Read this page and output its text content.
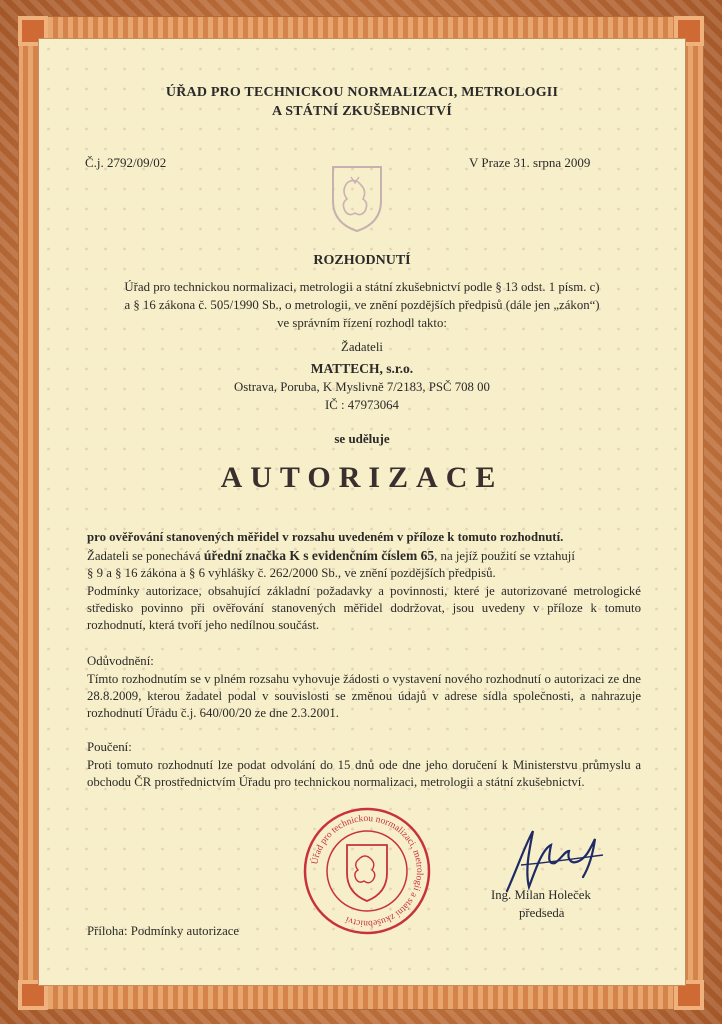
ÚŘAD PRO TECHNICKOU NORMALIZACI, METROLOGII
A STÁTNÍ ZKUŠEBNICTVÍ
Č.j. 2792/09/02	V Praze 31. srpna 2009
ROZHODNUTÍ
Úřad pro technickou normalizaci, metrologii a státní zkušebnictví podle § 13 odst. 1 písm. c)
a § 16 zákona č. 505/1990 Sb., o metrologii, ve znění pozdějších předpisů (dále jen „zákon“)
ve správním řízení rozhodl takto:
Žadateli
MATTECH, s.r.o.
Ostrava, Poruba, K Myslivně 7/2183, PSČ 708 00
IČ : 47973064
se uděluje
AUTORIZACE
pro ověřování stanovených měřidel v rozsahu uvedeném v příloze k tomuto rozhodnutí.
Žadateli se ponechává úřední značka K s evidenčním číslem 65, na jejíž použití se vztahují
§ 9 a § 16 zákona a § 6 vyhlášky č. 262/2000 Sb., ve znění pozdějších předpisů.
Podmínky autorizace, obsahující základní požadavky a povinnosti, které je autorizované metrologické středisko povinno při ověřování stanovených měřidel dodržovat, jsou uvedeny v příloze k tomuto rozhodnutí, která tvoří jeho nedílnou součást.
Odůvodnění:
Tímto rozhodnutím se v plném rozsahu vyhovuje žádosti o vystavení nového rozhodnutí o autorizaci ze dne 28.8.2009, kterou žadatel podal v souvislosti se změnou údajů v adrese sídla společnosti, a nahrazuje rozhodnutí Úřadu č.j. 640/00/20 ze dne 2.3.2001.
Poučení:
Proti tomuto rozhodnutí lze podat odvolání do 15 dnů ode dne jeho doručení k Ministerstvu průmyslu a obchodu ČR prostřednictvím Úřadu pro technickou normalizaci, metrologii a státní zkušebnictví.
Úřad pro technickou normalizaci, metrologii a státní zkušebnictví
Ing. Milan Holeček
předseda
Příloha: Podmínky autorizace
